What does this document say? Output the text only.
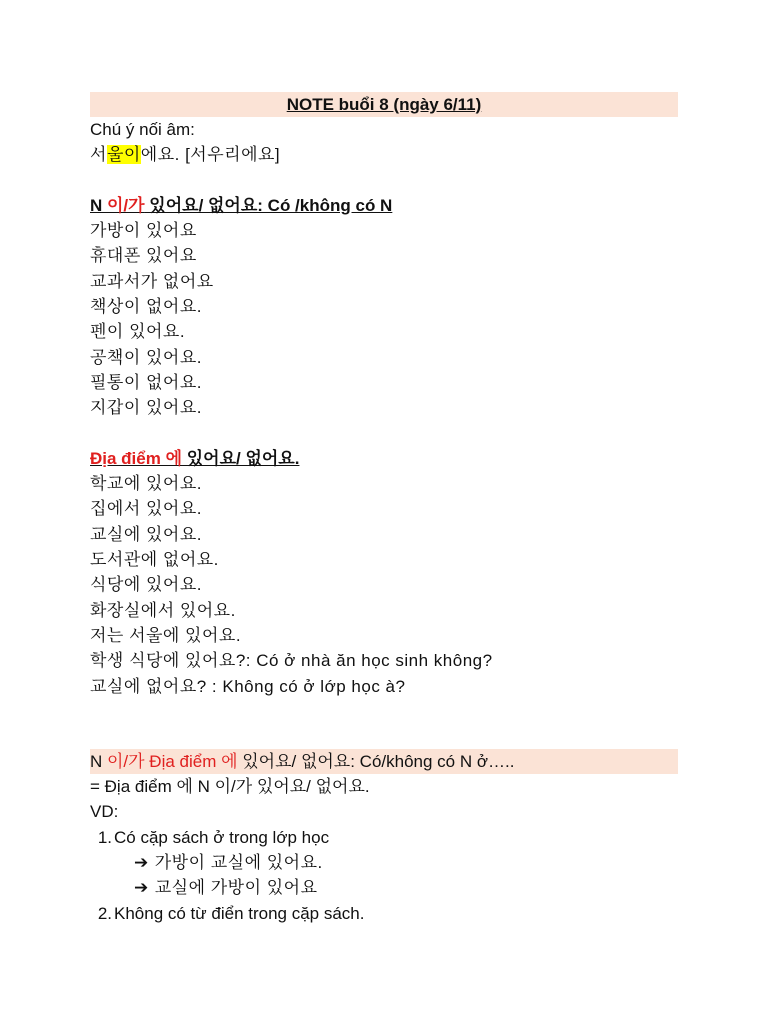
NOTE buổi 8 (ngày 6/11)
Chú ý nối âm:
서울이에요. [서우리에요]
N 이/가 있어요/ 없어요: Có /không có N
가방이 있어요
휴대폰 있어요
교과서가 없어요
책상이 없어요.
펜이 있어요.
공책이 있어요.
필통이 없어요.
지갑이 있어요.
Địa điểm 에 있어요/ 없어요.
학교에 있어요.
집에서 있어요.
교실에 있어요.
도서관에 없어요.
식당에 있어요.
화장실에서 있어요.
저는 서울에 있어요.
학생 식당에 있어요?: Có ở nhà ăn học sinh không?
교실에 없어요? : Không có ở lớp học à?
N 이/가 Địa điểm 에 있어요/ 없어요: Có/không có N ở…..
= Địa điểm 에 N 이/가 있어요/ 없어요.
VD:
1. Có cặp sách ở trong lớp học
➔ 가방이 교실에 있어요.
➔ 교실에 가방이 있어요
2. Không có từ điển trong cặp sách.
